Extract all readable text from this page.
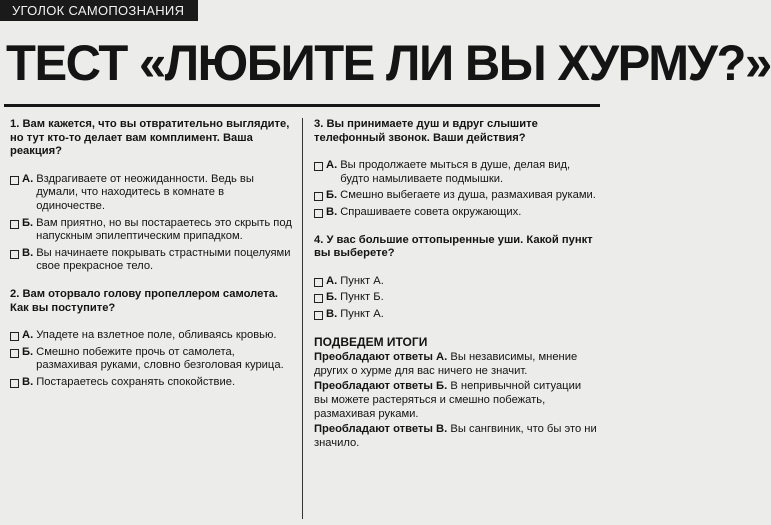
УГОЛОК САМОПОЗНАНИЯ
ТЕСТ «ЛЮБИТЕ ЛИ ВЫ ХУРМУ?»
1. Вам кажется, что вы отвратительно выглядите, но тут кто-то делает вам комплимент. Ваша реакция?
А. Вздрагиваете от неожиданности. Ведь вы думали, что находитесь в комнате в одиночестве.
Б. Вам приятно, но вы постараетесь это скрыть под напускным эпилептическим припадком.
В. Вы начинаете покрывать страстными поцелуями свое прекрасное тело.
2. Вам оторвало голову пропеллером самолета. Как вы поступите?
А. Упадете на взлетное поле, обливаясь кровью.
Б. Смешно побежите прочь от самолета, размахивая руками, словно безголовая курица.
В. Постараетесь сохранять спокойствие.
3. Вы принимаете душ и вдруг слышите телефонный звонок. Ваши действия?
А. Вы продолжаете мыться в душе, делая вид, будто намыливаете подмышки.
Б. Смешно выбегаете из душа, размахивая руками.
В. Спрашиваете совета окружающих.
4. У вас большие оттопыренные уши. Какой пункт вы выберете?
А. Пункт А.
Б. Пункт Б.
В. Пункт А.
ПОДВЕДЕМ ИТОГИ
Преобладают ответы А. Вы независимы, мнение других о хурме для вас ничего не значит.
Преобладают ответы Б. В непривычной ситуации вы можете растеряться и смешно побежать, размахивая руками.
Преобладают ответы В. Вы сангвиник, что бы это ни значило.
